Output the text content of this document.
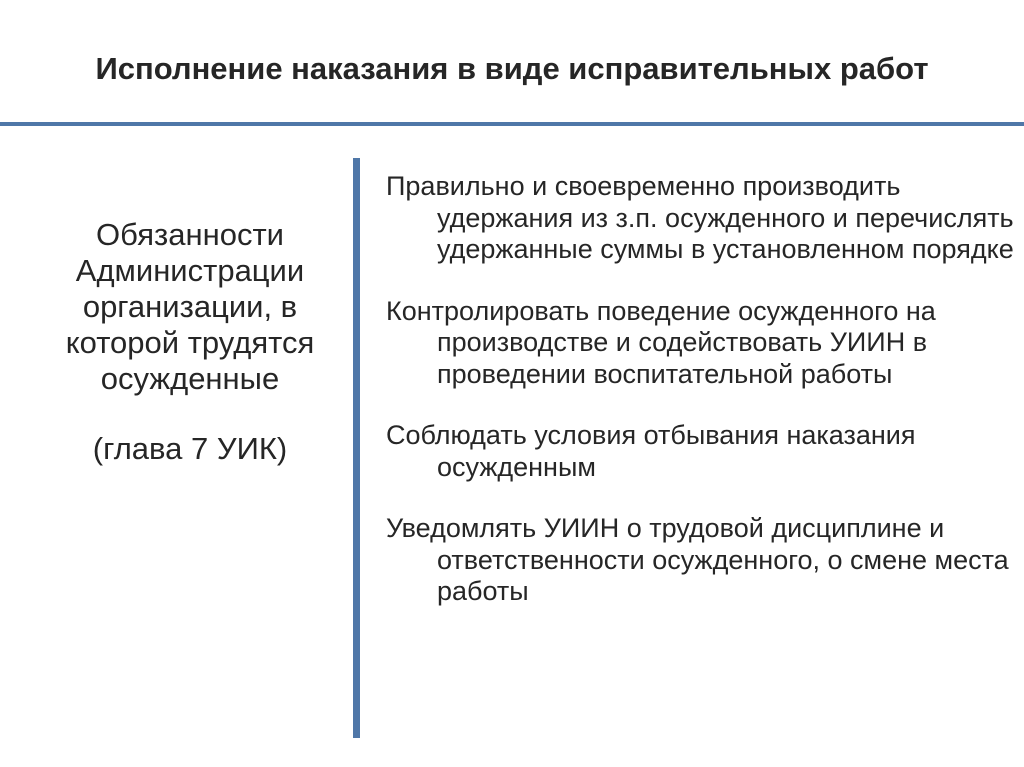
Исполнение наказания в виде исправительных работ
Обязанности Администрации организации, в которой трудятся осужденные
(глава 7 УИК)
Правильно и своевременно производить удержания из з.п. осужденного и перечислять удержанные суммы в установленном порядке
Контролировать поведение осужденного на производстве и содействовать УИИН в проведении воспитательной работы
Соблюдать условия отбывания наказания осужденным
Уведомлять УИИН о трудовой дисциплине и ответственности осужденного, о смене места работы
